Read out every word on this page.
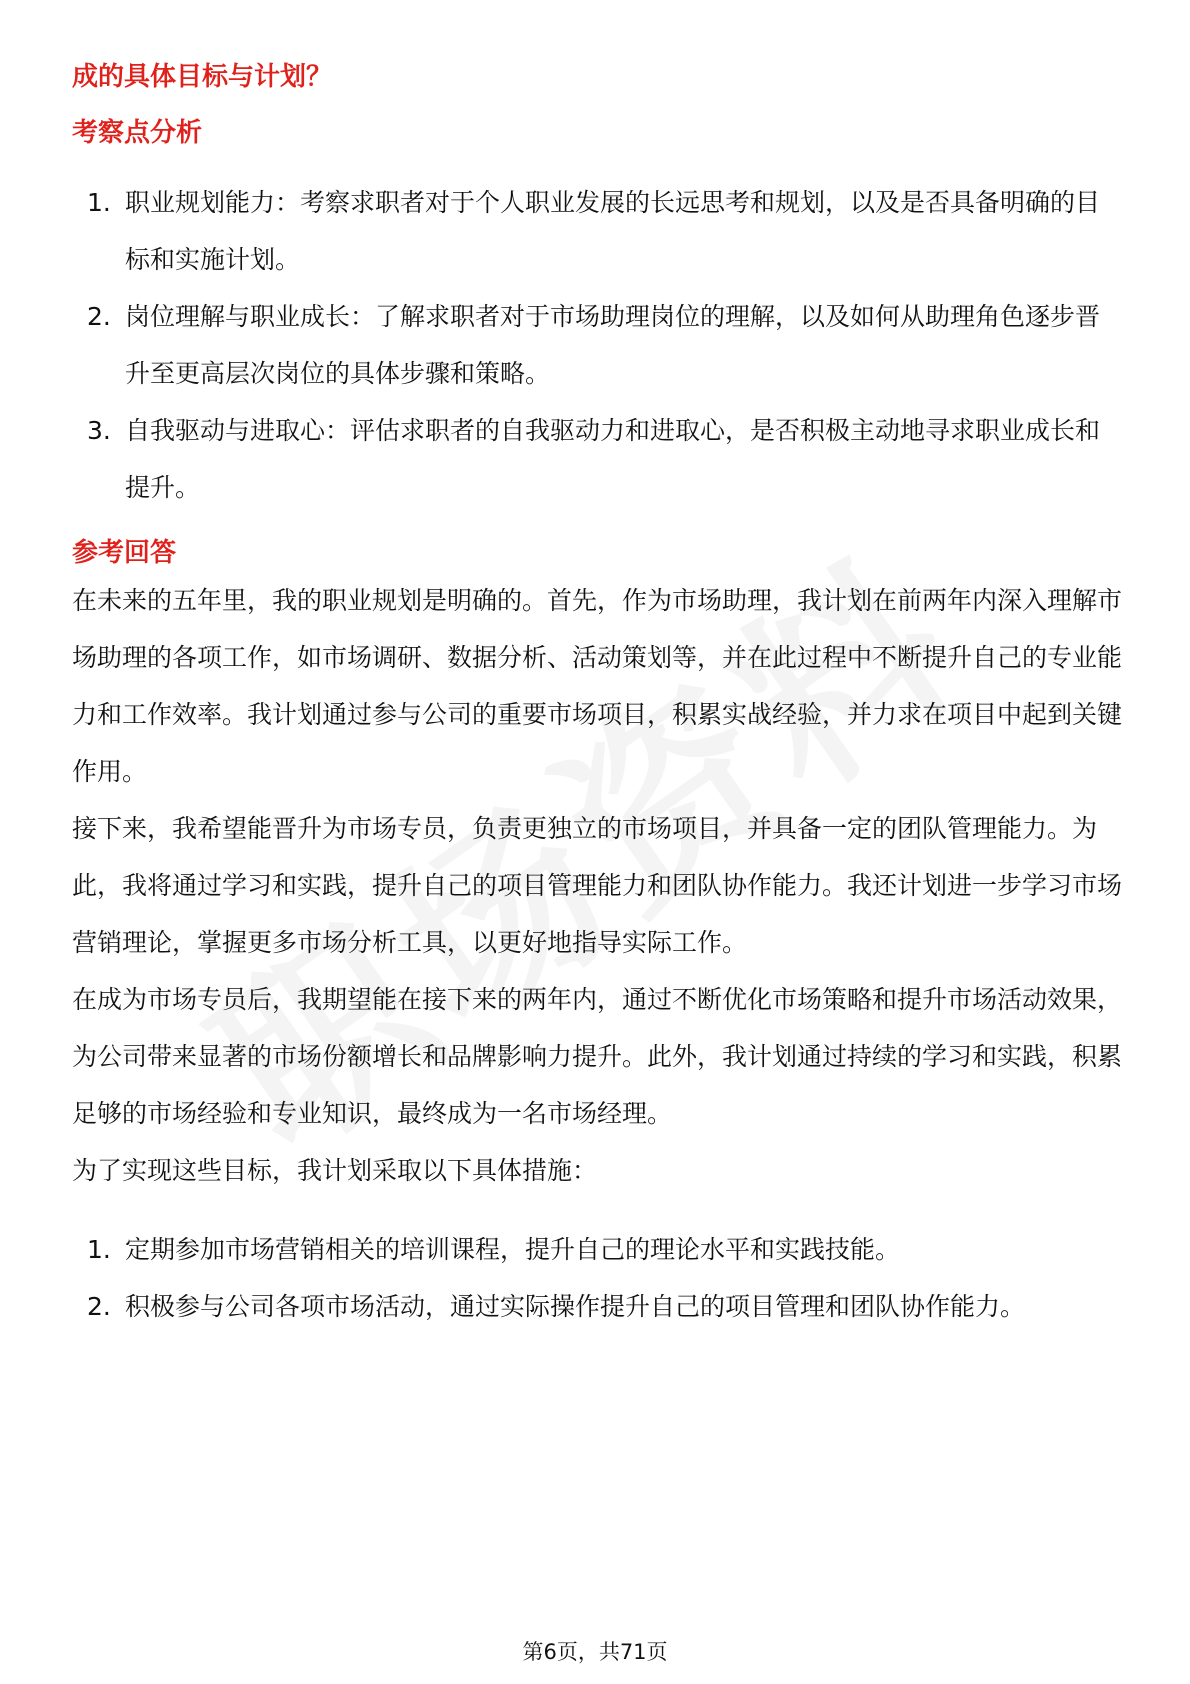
成的具体目标与计划？
考察点分析
1. 职业规划能力：考察求职者对于个人职业发展的长远思考和规划，以及是否具备明确的目标和实施计划。
2. 岗位理解与职业成长：了解求职者对于市场助理岗位的理解，以及如何从助理角色逐步晋升至更高层次岗位的具体步骤和策略。
3. 自我驱动与进取心：评估求职者的自我驱动力和进取心，是否积极主动地寻求职业成长和提升。
参考回答

在未来的五年里，我的职业规划是明确的。首先，作为市场助理，我计划在前两年内深入理解市场助理的各项工作，如市场调研、数据分析、活动策划等，并在此过程中不断提升自己的专业能力和工作效率。我计划通过参与公司的重要市场项目，积累实战经验，并力求在项目中起到关键作用。

接下来，我希望能晋升为市场专员，负责更独立的市场项目，并具备一定的团队管理能力。为此，我将通过学习和实践，提升自己的项目管理能力和团队协作能力。我还计划进一步学习市场营销理论，掌握更多市场分析工具，以更好地指导实际工作。

在成为市场专员后，我期望能在接下来的两年内，通过不断优化市场策略和提升市场活动效果，为公司带来显著的市场份额增长和品牌影响力提升。此外，我计划通过持续的学习和实践，积累足够的市场经验和专业知识，最终成为一名市场经理。

为了实现这些目标，我计划采取以下具体措施：

1. 定期参加市场营销相关的培训课程，提升自己的理论水平和实践技能。
2. 积极参与公司各项市场活动，通过实际操作提升自己的项目管理和团队协作能力。
第6页，共71页
